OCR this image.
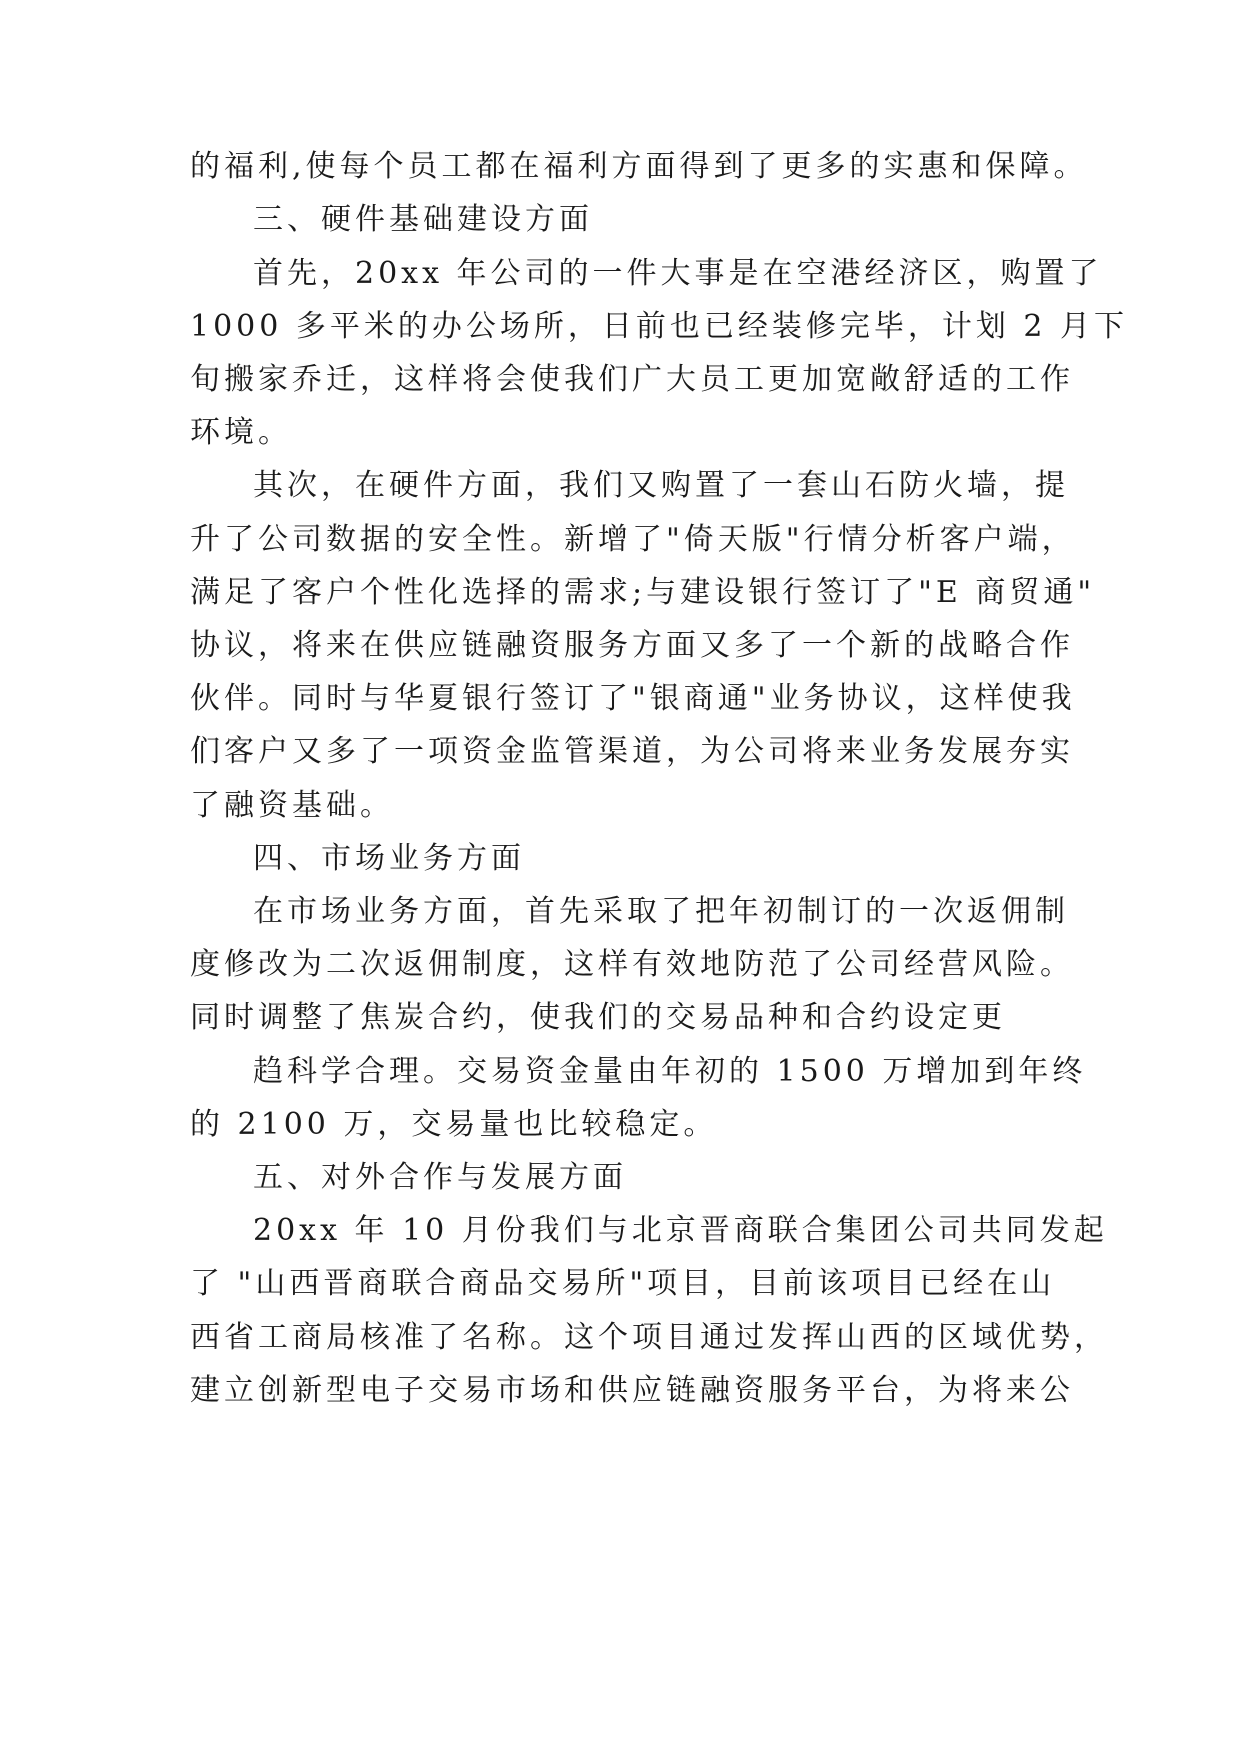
的福利,使每个员工都在福利方面得到了更多的实惠和保障。
三、硬件基础建设方面
首先，20xx 年公司的一件大事是在空港经济区，购置了
1000 多平米的办公场所，日前也已经装修完毕，计划 2 月下
旬搬家乔迁，这样将会使我们广大员工更加宽敞舒适的工作
环境。
其次，在硬件方面，我们又购置了一套山石防火墙，提
升了公司数据的安全性。新增了"倚天版"行情分析客户端，
满足了客户个性化选择的需求;与建设银行签订了"E 商贸通"
协议，将来在供应链融资服务方面又多了一个新的战略合作
伙伴。同时与华夏银行签订了"银商通"业务协议，这样使我
们客户又多了一项资金监管渠道，为公司将来业务发展夯实
了融资基础。
四、市场业务方面
在市场业务方面，首先采取了把年初制订的一次返佣制
度修改为二次返佣制度，这样有效地防范了公司经营风险。
同时调整了焦炭合约，使我们的交易品种和合约设定更
趋科学合理。交易资金量由年初的 1500 万增加到年终
的 2100 万，交易量也比较稳定。
五、对外合作与发展方面
20xx 年 10 月份我们与北京晋商联合集团公司共同发起
了 "山西晋商联合商品交易所"项目，目前该项目已经在山
西省工商局核准了名称。这个项目通过发挥山西的区域优势，
建立创新型电子交易市场和供应链融资服务平台，为将来公
